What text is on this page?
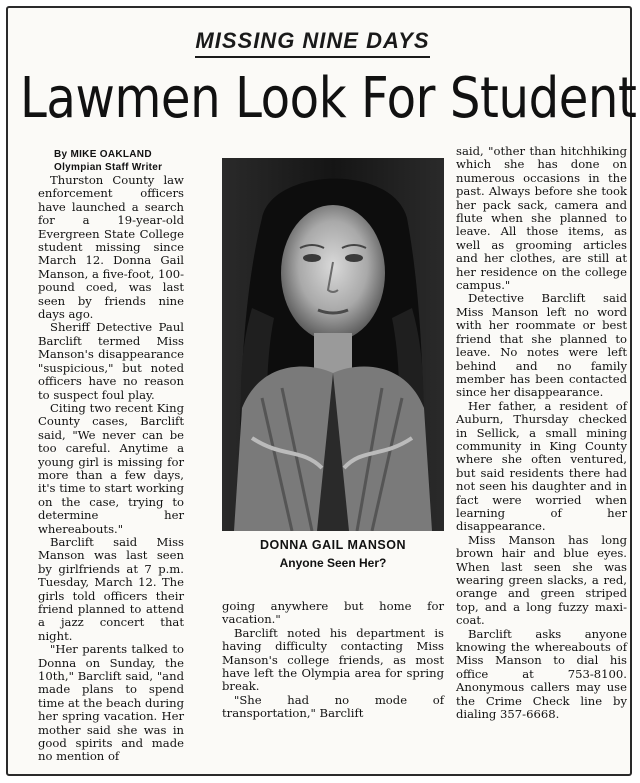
MISSING NINE DAYS
Lawmen Look For Student
By MIKE OAKLAND
Olympian Staff Writer

Thurston County law enforcement officers have launched a search for a 19-year-old Evergreen State College student missing since March 12. Donna Gail Manson, a five-foot, 100-pound coed, was last seen by friends nine days ago.

Sheriff Detective Paul Barclift termed Miss Manson's disappearance "suspicious," but noted officers have no reason to suspect foul play.

Citing two recent King County cases, Barclift said, "We never can be too careful. Anytime a young girl is missing for more than a few days, it's time to start working on the case, trying to determine her whereabouts."

Barclift said Miss Manson was last seen by girlfriends at 7 p.m. Tuesday, March 12. The girls told officers their friend planned to attend a jazz concert that night.

"Her parents talked to Donna on Sunday, the 10th," Barclift said, "and made plans to spend time at the beach during her spring vacation. Her mother said she was in good spirits and made no mention of

DONNA GAIL MANSON
Anyone Seen Her?

going anywhere but home for vacation."

Barclift noted his department is having difficulty contacting Miss Manson's college friends, as most have left the Olympia area for spring break.

"She had no mode of transportation," Barclift

said, "other than hitchhiking which she has done on numerous occasions in the past. Always before she took her pack sack, camera and flute when she planned to leave. All those items, as well as grooming articles and her clothes, are still at her residence on the college campus."

Detective Barclift said Miss Manson left no word with her roommate or best friend that she planned to leave. No notes were left behind and no family member has been contacted since her disappearance.

Her father, a resident of Auburn, Thursday checked in Sellick, a small mining community in King County where she often ventured, but said residents there had not seen his daughter and in fact were worried when learning of her disappearance.

Miss Manson has long brown hair and blue eyes. When last seen she was wearing green slacks, a red, orange and green striped top, and a long fuzzy maxi-coat.

Barclift asks anyone knowing the whereabouts of Miss Manson to dial his office at 753-8100. Anonymous callers may use the Crime Check line by dialing 357-6668.
